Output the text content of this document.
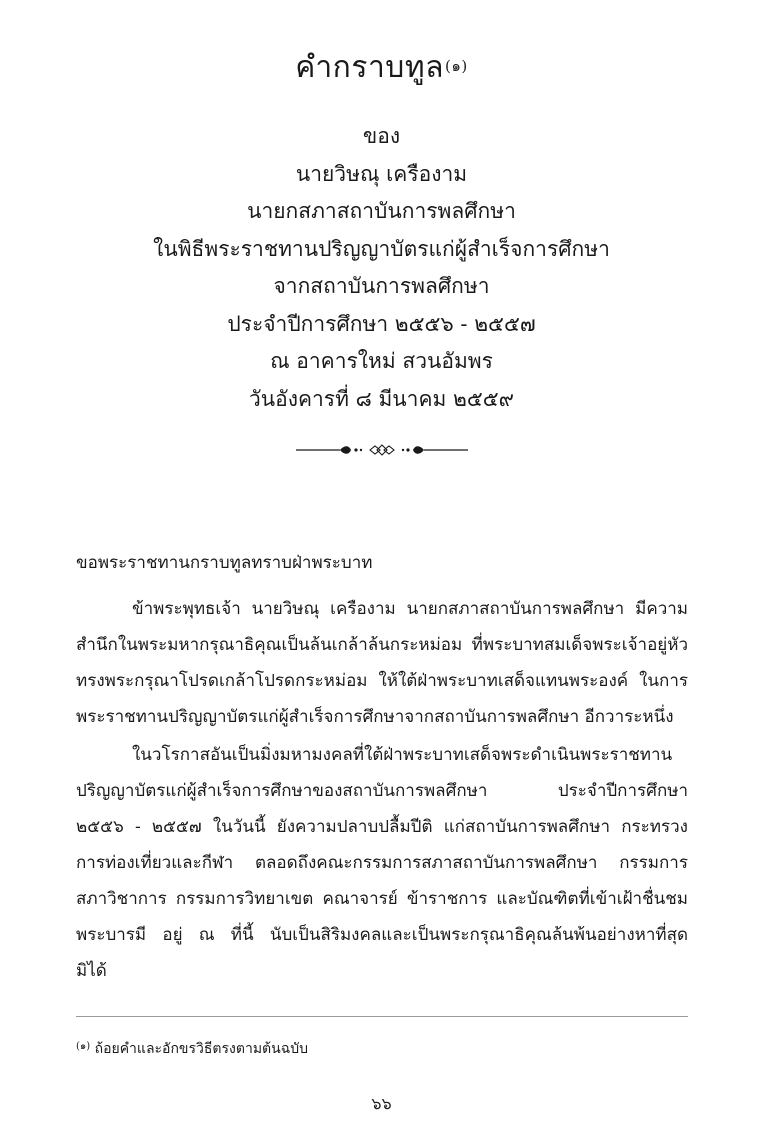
คำกราบทูล$^{(๑)}$
ของ
นายวิษณุ เครืองาม
นายกสภาสถาบันการพลศึกษา
ในพิธีพระราชทานปริญญาบัตรแก่ผู้สำเร็จการศึกษา
จากสถาบันการพลศึกษา
ประจำปีการศึกษา ๒๕๕๖ - ๒๕๕๗
ณ อาคารใหม่ สวนอัมพร
วันอังคารที่ ๘ มีนาคม ๒๕๕๙
ขอพระราชทานกราบทูลทราบฝ่าพระบาท
ข้าพระพุทธเจ้า นายวิษณุ เครืองาม นายกสภาสถาบันการพลศึกษา มีความ
สำนึกในพระมหากรุณาธิคุณเป็นล้นเกล้าล้นกระหม่อม ที่พระบาทสมเด็จพระเจ้าอยู่หัว
ทรงพระกรุณาโปรดเกล้าโปรดกระหม่อม ให้ใต้ฝ่าพระบาทเสด็จแทนพระองค์ ในการ
พระราชทานปริญญาบัตรแก่ผู้สำเร็จการศึกษาจากสถาบันการพลศึกษา อีกวาระหนึ่ง
ในวโรกาสอันเป็นมิ่งมหามงคลที่ใต้ฝ่าพระบาทเสด็จพระดำเนินพระราชทาน
ปริญญาบัตรแก่ผู้สำเร็จการศึกษาของสถาบันการพลศึกษา ประจำปีการศึกษา
๒๕๕๖ - ๒๕๕๗ ในวันนี้ ยังความปลาบปลื้มปีติ แก่สถาบันการพลศึกษา กระทรวง
การท่องเที่ยวและกีฬา ตลอดถึงคณะกรรมการสภาสถาบันการพลศึกษา กรรมการ
สภาวิชาการ กรรมการวิทยาเขต คณาจารย์ ข้าราชการ และบัณฑิตที่เข้าเฝ้าชื่นชม
พระบารมี อยู่ ณ ที่นี้ นับเป็นสิริมงคลและเป็นพระกรุณาธิคุณล้นพ้นอย่างหาที่สุด
มิได้
$^{(๑)}$ ถ้อยคำและอักขรวิธีตรงตามต้นฉบับ
๖๖
